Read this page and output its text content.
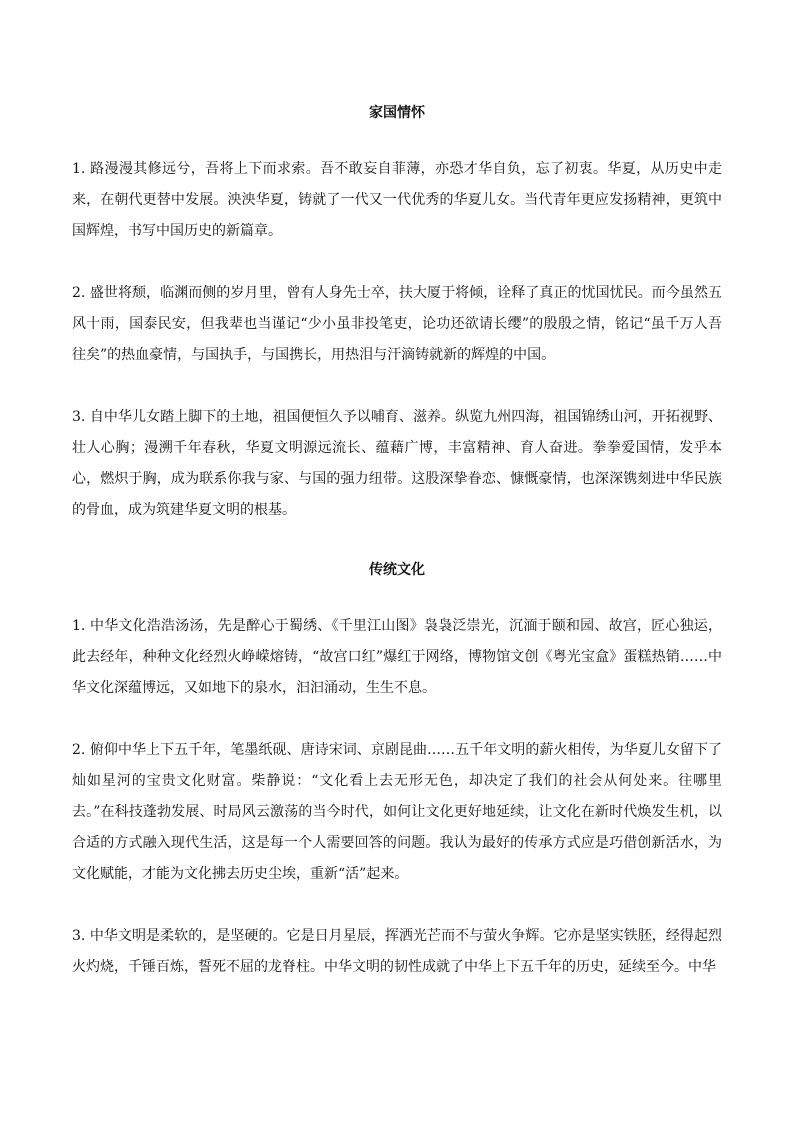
家国情怀

1. 路漫漫其修远兮，吾将上下而求索。吾不敢妄自菲薄，亦恐才华自负，忘了初衷。华夏，从历史中走来，在朝代更替中发展。泱泱华夏，铸就了一代又一代优秀的华夏儿女。当代青年更应发扬精神，更筑中国辉煌，书写中国历史的新篇章。

2. 盛世将颓，临渊而侧的岁月里，曾有人身先士卒，扶大厦于将倾，诠释了真正的忧国忧民。而今虽然五风十雨，国泰民安，但我辈也当谨记“少小虽非投笔吏，论功还欲请长缨”的殷殷之情，铭记“虽千万人吾往矣”的热血豪情，与国执手，与国携长，用热泪与汗滴铸就新的辉煌的中国。

3. 自中华儿女踏上脚下的土地，祖国便恒久予以哺育、滋养。纵览九州四海，祖国锦绣山河，开拓视野、壮人心胸；漫溯千年春秋，华夏文明源远流长、蕴藉广博，丰富精神、育人奋进。拳拳爱国情，发乎本心，燃炽于胸，成为联系你我与家、与国的强力纽带。这股深挚眷恋、慷慨豪情，也深深镌刻进中华民族的骨血，成为筑建华夏文明的根基。

传统文化

1. 中华文化浩浩汤汤，先是醉心于蜀绣、《千里江山图》袅袅泛崇光，沉湎于颐和园、故宫，匠心独运，此去经年，种种文化经烈火峥嵘熔铸，“故宫口红”爆红于网络，博物馆文创《粤光宝盒》蛋糕热销……中华文化深蕴博远，又如地下的泉水，汩汩涌动，生生不息。

2. 俯仰中华上下五千年，笔墨纸砚、唐诗宋词、京剧昆曲……五千年文明的薪火相传，为华夏儿女留下了灿如星河的宝贵文化财富。柴静说：“文化看上去无形无色，却决定了我们的社会从何处来。往哪里去。”在科技蓬勃发展、时局风云激荡的当今时代，如何让文化更好地延续，让文化在新时代焕发生机，以合适的方式融入现代生活，这是每一个人需要回答的问题。我认为最好的传承方式应是巧借创新活水，为文化赋能，才能为文化拂去历史尘埃，重新“活”起来。

3. 中华文明是柔软的，是坚硬的。它是日月星辰，挥洒光芒而不与萤火争辉。它亦是坚实铁胚，经得起烈火灼烧，千锤百炼，誓死不屈的龙脊柱。中华文明的韧性成就了中华上下五千年的历史，延续至今。中华
